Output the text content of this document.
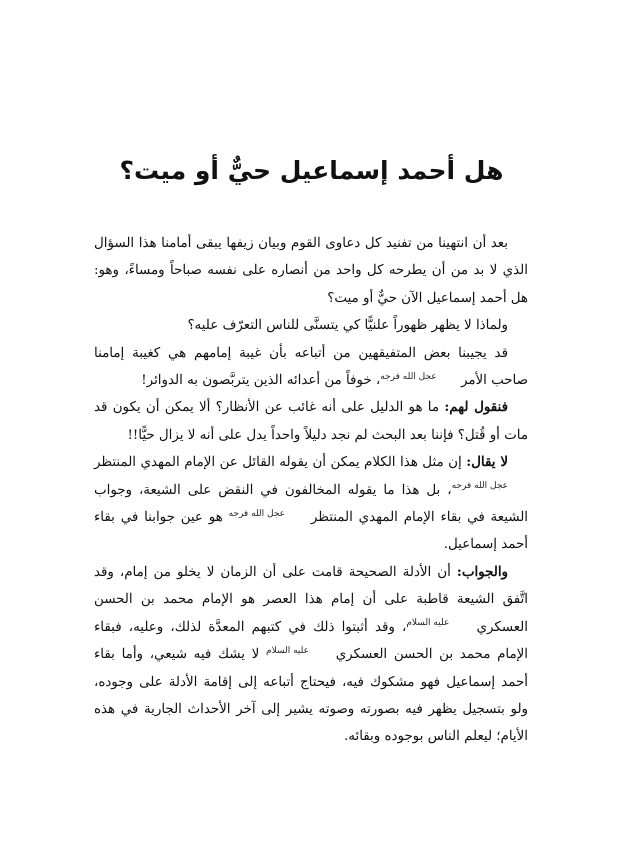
هل أحمد إسماعيل حيٌّ أو ميت؟

بعد أن انتهينا من تفنيد كل دعاوى القوم وبيان زيفها يبقى أمامنا هذا السؤال الذي لا بد من أن يطرحه كل واحد من أنصاره على نفسه صباحاً ومساءً، وهو: هل أحمد إسماعيل الآن حيٌّ أو ميت؟

ولماذا لا يظهر ظهوراً علنيًّا كي يتسنَّى للناس التعرّف عليه؟

قد يجيبنا بعض المتفيقهين من أتباعه بأن غيبة إمامهم هي كغيبة إمامنا صاحب الأمر عجل الله فرجه، خوفاً من أعدائه الذين يتربَّصون به الدوائر!

فنقول لهم: ما هو الدليل على أنه غائب عن الأنظار؟ ألا يمكن أن يكون قد مات أو قُتل؟ فإننا بعد البحث لم نجد دليلاً واحداً يدل على أنه لا يزال حيًّا!!

لا يقال: إن مثل هذا الكلام يمكن أن يقوله القائل عن الإمام المهدي المنتظر عجل الله فرجه، بل هذا ما يقوله المخالفون في النقض على الشيعة، وجواب الشيعة في بقاء الإمام المهدي المنتظر عجل الله فرجه هو عين جوابنا في بقاء أحمد إسماعيل.

والجواب: أن الأدلة الصحيحة قامت على أن الزمان لا يخلو من إمام، وقد اتَّفق الشيعة قاطبة على أن إمام هذا العصر هو الإمام محمد بن الحسن العسكري عليه السلام، وقد أثبتوا ذلك في كتبهم المعدَّة لذلك، وعليه، فبقاء الإمام محمد بن الحسن العسكري عليه السلام لا يشك فيه شيعي، وأما بقاء أحمد إسماعيل فهو مشكوك فيه، فيحتاج أتباعه إلى إقامة الأدلة على وجوده، ولو بتسجيل يظهر فيه بصورته وصوته يشير إلى آخر الأحداث الجارية في هذه الأيام؛ ليعلم الناس بوجوده وبقائه.
